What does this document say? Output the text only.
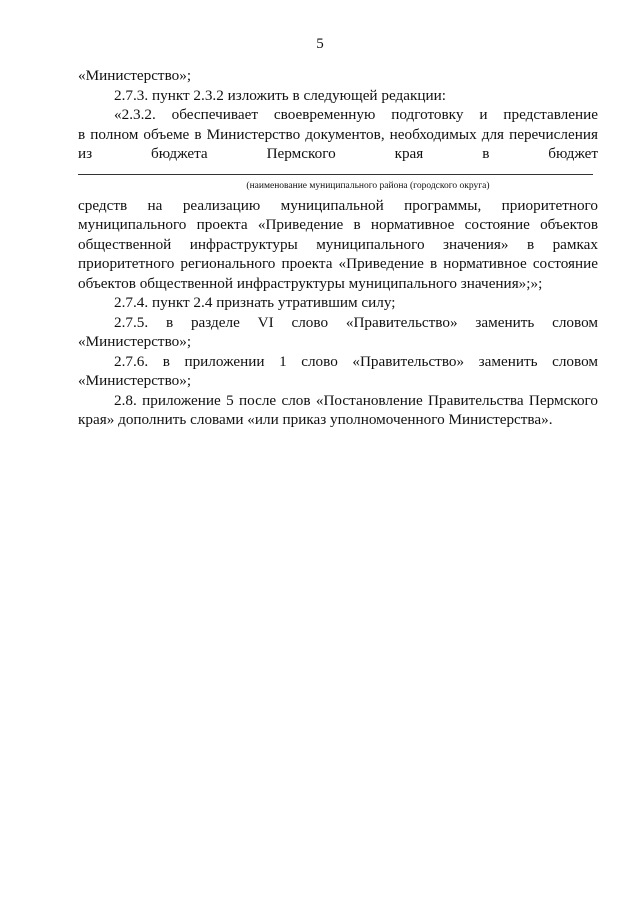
5
«Министерство»;
2.7.3. пункт 2.3.2 изложить в следующей редакции:
«2.3.2. обеспечивает своевременную подготовку и представление
в полном объеме в Министерство документов, необходимых для перечисления
из бюджета Пермского края в бюджет
(наименование муниципального района (городского округа)
средств на реализацию муниципальной программы, приоритетного
муниципального проекта «Приведение в нормативное состояние объектов
общественной инфраструктуры муниципального значения» в рамках
приоритетного регионального проекта «Приведение в нормативное состояние
объектов общественной инфраструктуры муниципального значения»;»;
2.7.4. пункт 2.4 признать утратившим силу;
2.7.5. в разделе VI слово «Правительство» заменить словом
«Министерство»;
2.7.6. в приложении 1 слово «Правительство» заменить словом
«Министерство»;
2.8. приложение 5 после слов «Постановление Правительства Пермского
края» дополнить словами «или приказ уполномоченного Министерства».
